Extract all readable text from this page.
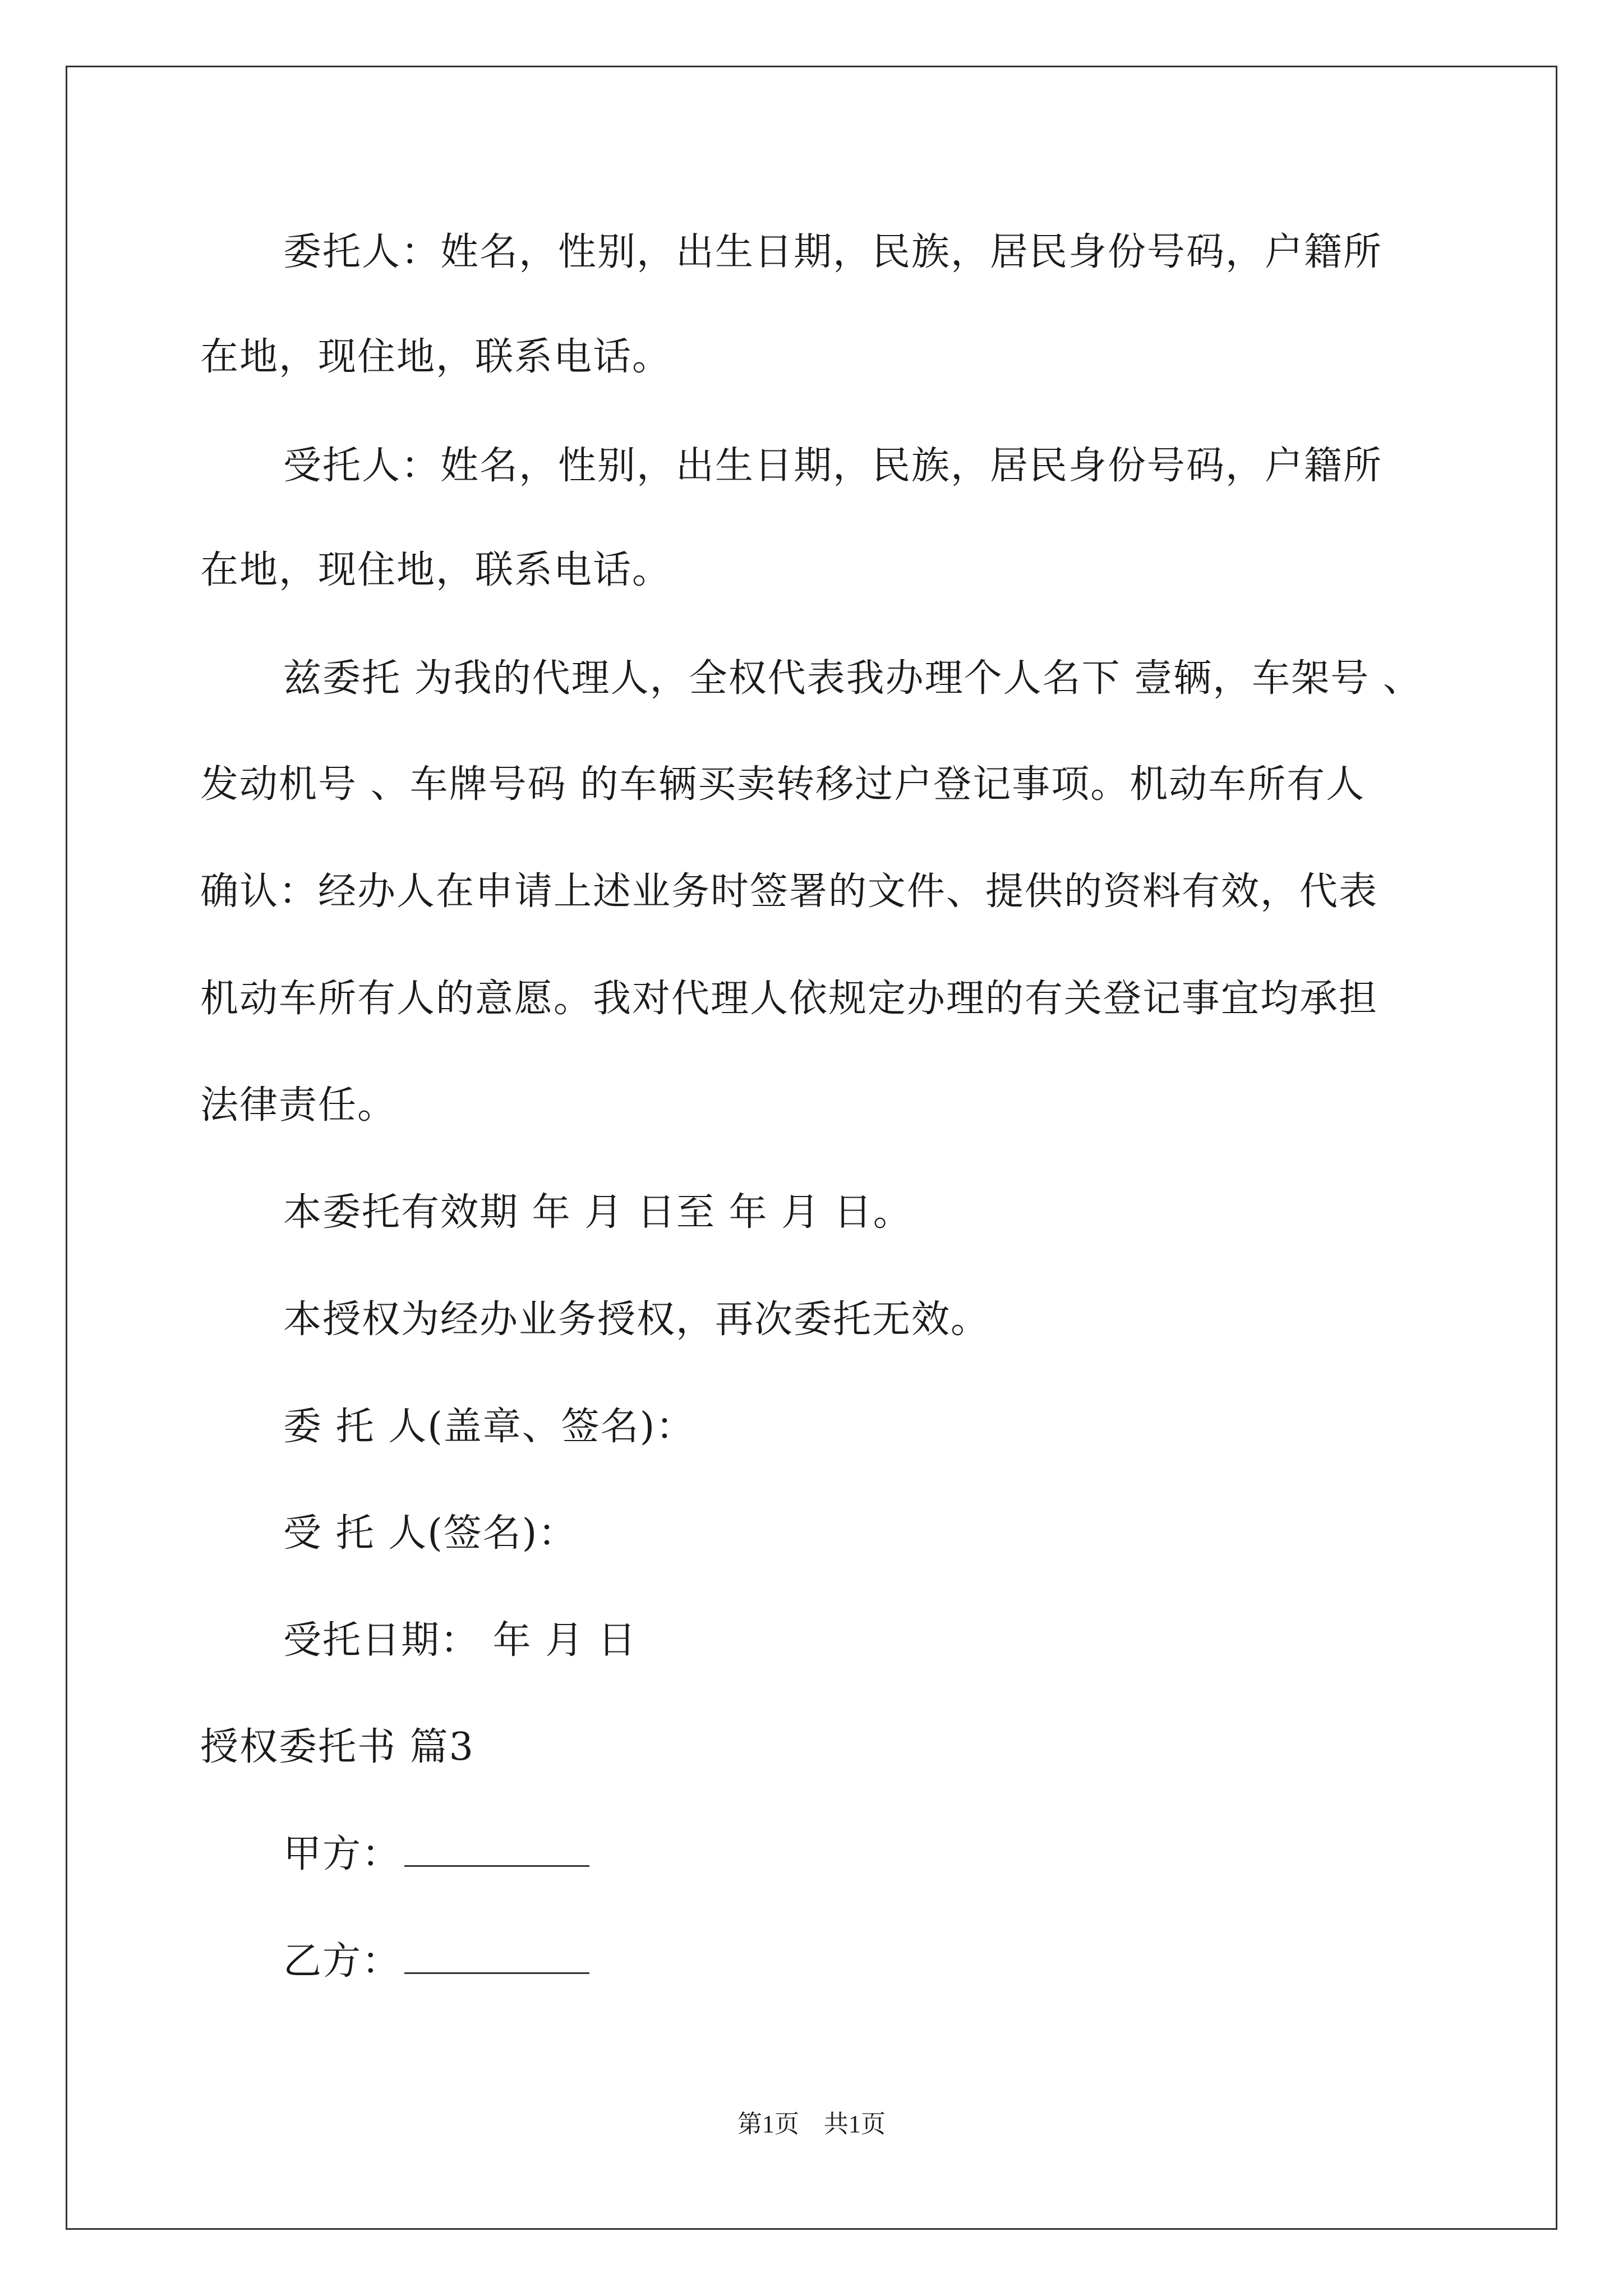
委托人：姓名，性别，出生日期，民族，居民身份号码，户籍所
在地，现住地，联系电话。
受托人：姓名，性别，出生日期，民族，居民身份号码，户籍所
在地，现住地，联系电话。
兹委托 为我的代理人，全权代表我办理个人名下 壹辆，车架号 、
发动机号 、车牌号码 的车辆买卖转移过户登记事项。机动车所有人
确认：经办人在申请上述业务时签署的文件、提供的资料有效，代表
机动车所有人的意愿。我对代理人依规定办理的有关登记事宜均承担
法律责任。
本委托有效期 年 月 日至 年 月 日。
本授权为经办业务授权，再次委托无效。
委 托 人(盖章、签名)：
受 托 人(签名)：
受托日期： 年 月 日
授权委托书 篇3
甲方：
乙方：
第1页　共1页
